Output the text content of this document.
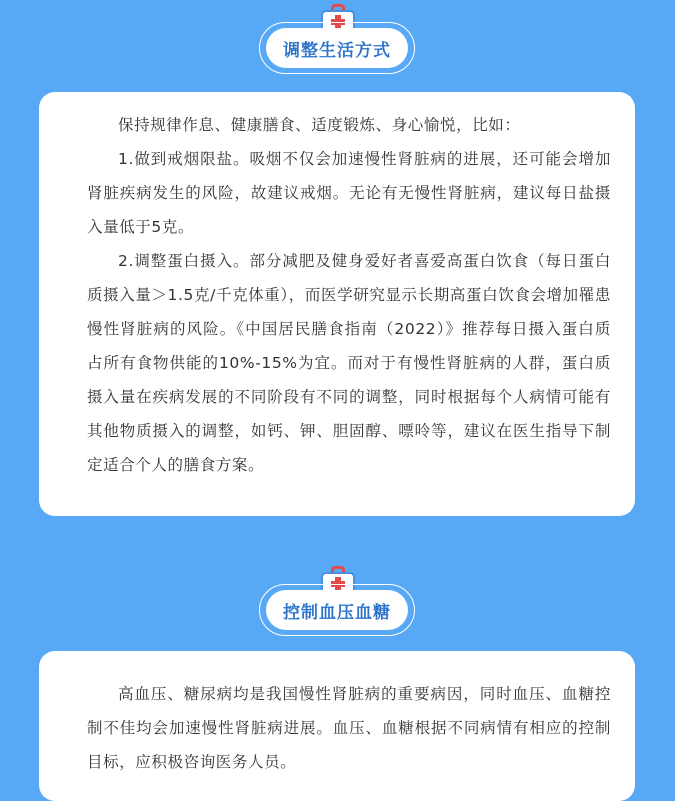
调整生活方式

保持规律作息、健康膳食、适度锻炼、身心愉悦，比如：

1.做到戒烟限盐。吸烟不仅会加速慢性肾脏病的进展，还可能会增加肾脏疾病发生的风险，故建议戒烟。无论有无慢性肾脏病，建议每日盐摄入量低于5克。

2.调整蛋白摄入。部分减肥及健身爱好者喜爱高蛋白饮食（每日蛋白质摄入量＞1.5克/千克体重），而医学研究显示长期高蛋白饮食会增加罹患慢性肾脏病的风险。《中国居民膳食指南（2022）》推荐每日摄入蛋白质占所有食物供能的10%-15%为宜。而对于有慢性肾脏病的人群，蛋白质摄入量在疾病发展的不同阶段有不同的调整，同时根据每个人病情可能有其他物质摄入的调整，如钙、钾、胆固醇、嘌呤等，建议在医生指导下制定适合个人的膳食方案。

控制血压血糖

高血压、糖尿病均是我国慢性肾脏病的重要病因，同时血压、血糖控制不佳均会加速慢性肾脏病进展。血压、血糖根据不同病情有相应的控制目标，应积极咨询医务人员。
